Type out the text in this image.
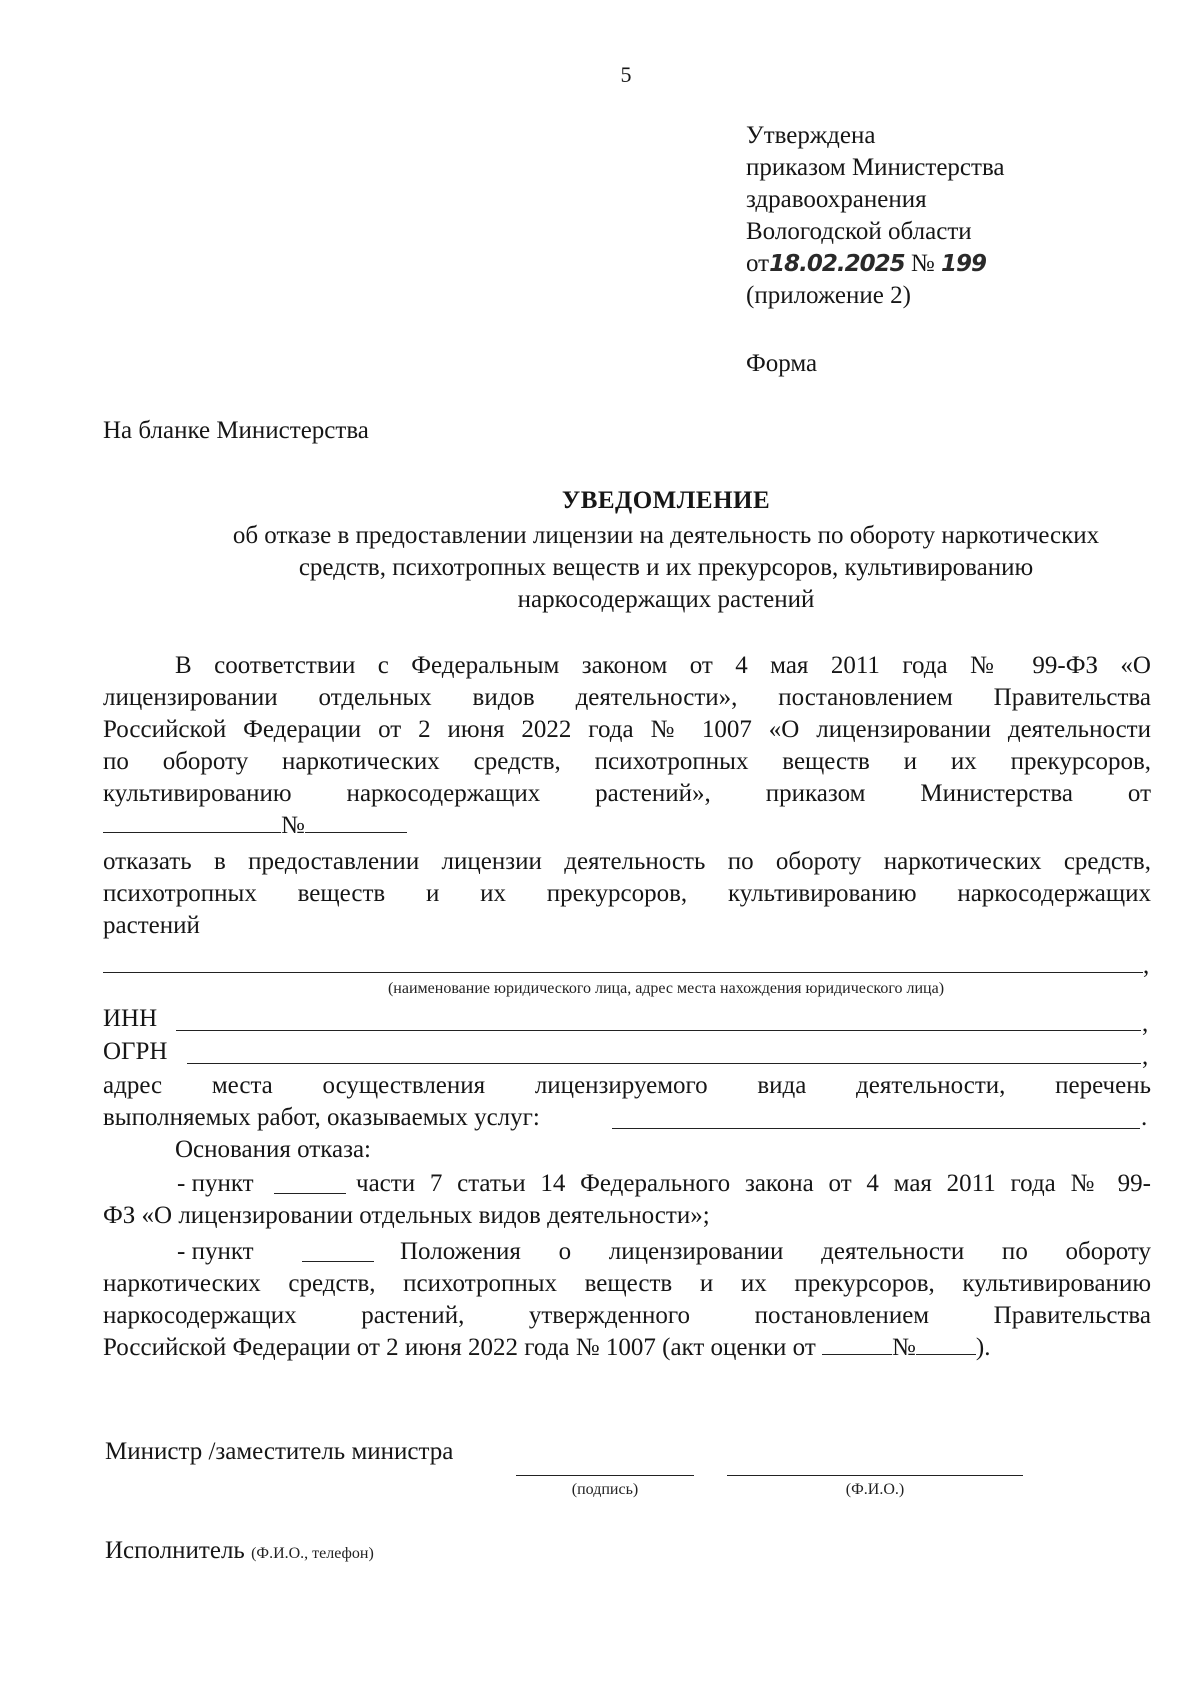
5
Утверждена
приказом Министерства
здравоохранения
Вологодской области
от18.02.2025 № 199
(приложение 2)
Форма
На бланке Министерства
УВЕДОМЛЕНИЕ
об отказе в предоставлении лицензии на деятельность по обороту наркотических
средств, психотропных веществ и их прекурсоров, культивированию
наркосодержащих растений
В соответствии с Федеральным законом от 4 мая 2011 года № 99-ФЗ «О
лицензировании отдельных видов деятельности», постановлением Правительства
Российской Федерации от 2 июня 2022 года № 1007 «О лицензировании деятельности
по обороту наркотических средств, психотропных веществ и их прекурсоров,
культивированию наркосодержащих растений», приказом Министерства от
№
отказать в предоставлении лицензии деятельность по обороту наркотических средств,
психотропных веществ и их прекурсоров, культивированию наркосодержащих
растений
,
(наименование юридического лица, адрес места нахождения юридического лица)
ИНН	,
ОГРН	,
адрес места осуществления лицензируемого вида деятельности, перечень
выполняемых работ, оказываемых услуг:	.
Основания отказа:
- пункт	части 7 статьи 14 Федерального закона от 4 мая 2011 года № 99-
ФЗ «О лицензировании отдельных видов деятельности»;
- пункт	Положения о лицензировании деятельности по обороту
наркотических средств, психотропных веществ и их прекурсоров, культивированию
наркосодержащих растений, утвержденного постановлением Правительства
Российской Федерации от 2 июня 2022 года № 1007 (акт оценки от	№ ).
Министр /заместитель министра
(подпись)	(Ф.И.О.)
Исполнитель (Ф.И.О., телефон)
